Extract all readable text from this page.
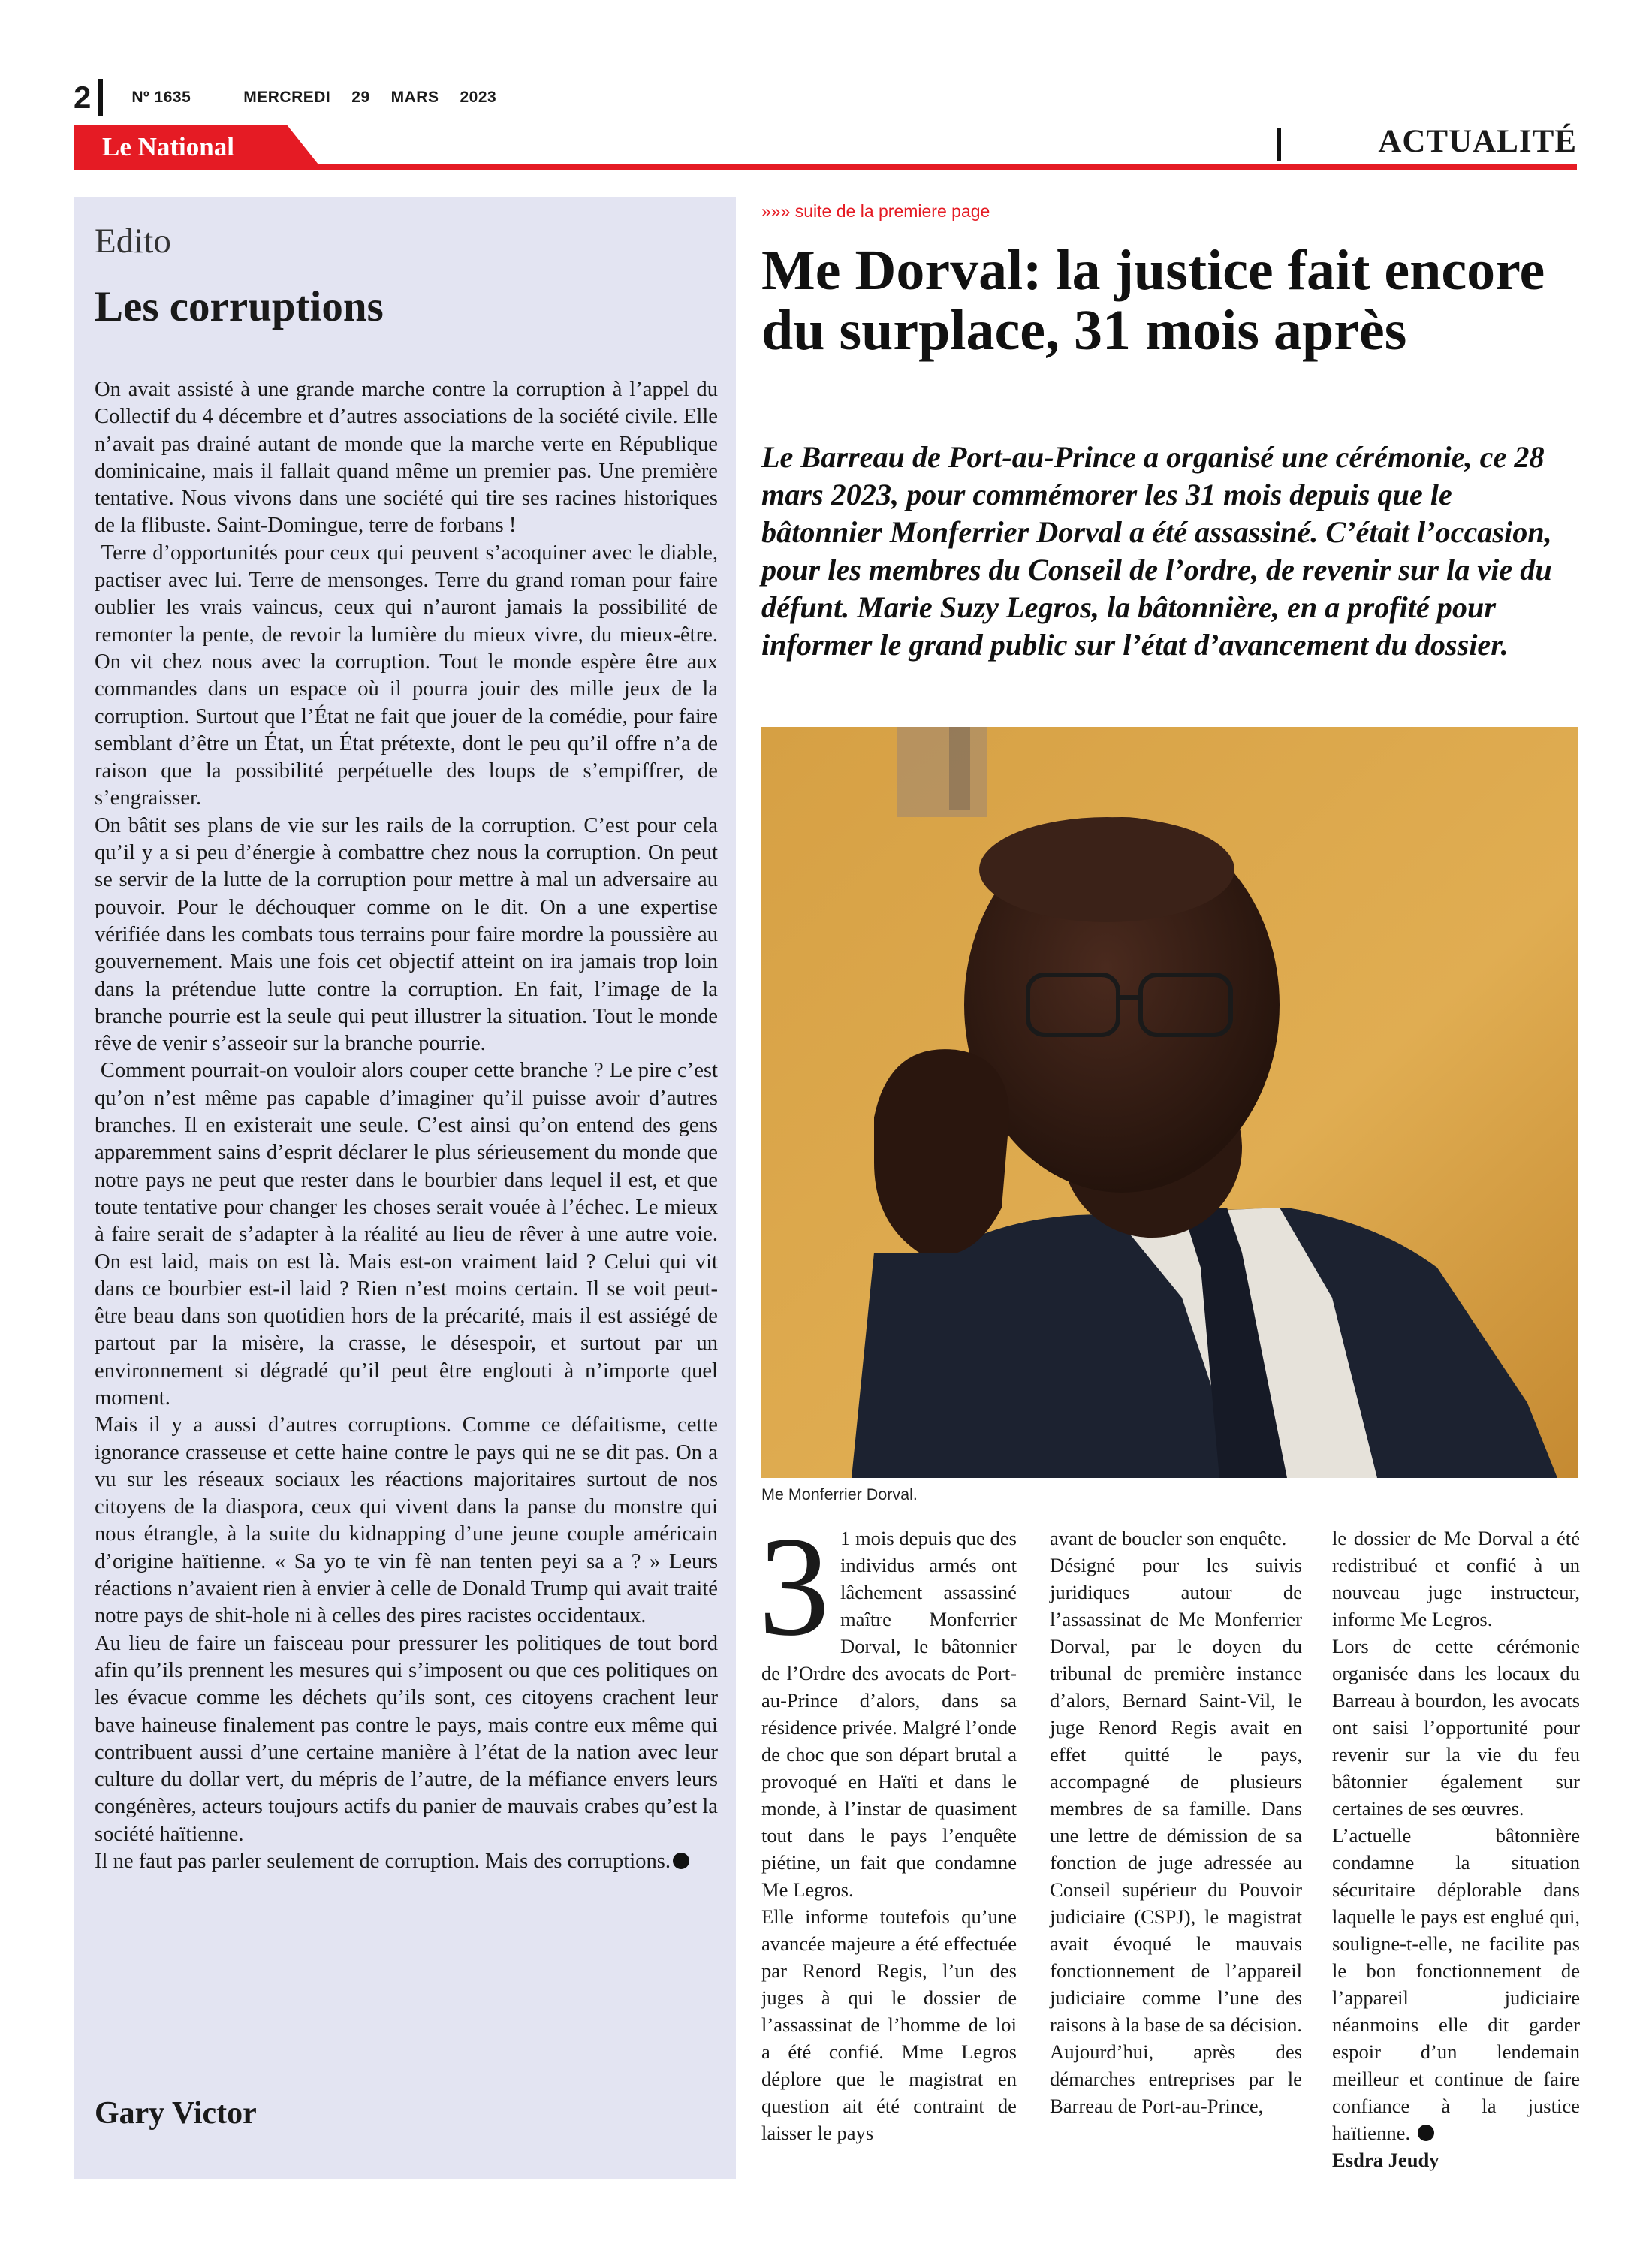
2	Nº 1635	MERCREDI 29 MARS 2023
Le National	ACTUALITÉ
Edito
Les corruptions

On avait assisté à une grande marche contre la corruption à l’appel du Collectif du 4 décembre et d’autres associations de la société civile. Elle n’avait pas drainé autant de monde que la marche verte en République dominicaine, mais il fallait quand même un premier pas. Une première tentative. Nous vivons dans une société qui tire ses racines historiques de la flibuste. Saint-Domingue, terre de forbans !

Terre d’opportunités pour ceux qui peuvent s’acoquiner avec le diable, pactiser avec lui. Terre de mensonges. Terre du grand roman pour faire oublier les vrais vaincus, ceux qui n’auront jamais la possibilité de remonter la pente, de revoir la lumière du mieux vivre, du mieux-être. On vit chez nous avec la corruption. Tout le monde espère être aux commandes dans un espace où il pourra jouir des mille jeux de la corruption. Surtout que l’État ne fait que jouer de la comédie, pour faire semblant d’être un État, un État prétexte, dont le peu qu’il offre n’a de raison que la possibilité perpétuelle des loups de s’empiffrer, de s’engraisser.

On bâtit ses plans de vie sur les rails de la corruption. C’est pour cela qu’il y a si peu d’énergie à combattre chez nous la corruption. On peut se servir de la lutte de la corruption pour mettre à mal un adversaire au pouvoir. Pour le déchouquer comme on le dit. On a une expertise vérifiée dans les combats tous terrains pour faire mordre la poussière au gouvernement. Mais une fois cet objectif atteint on ira jamais trop loin dans la prétendue lutte contre la corruption. En fait, l’image de la branche pourrie est la seule qui peut illustrer la situation. Tout le monde rêve de venir s’asseoir sur la branche pourrie.

Comment pourrait-on vouloir alors couper cette branche ? Le pire c’est qu’on n’est même pas capable d’imaginer qu’il puisse avoir d’autres branches. Il en existerait une seule. C’est ainsi qu’on entend des gens apparemment sains d’esprit déclarer le plus sérieusement du monde que notre pays ne peut que rester dans le bourbier dans lequel il est, et que toute tentative pour changer les choses serait vouée à l’échec. Le mieux à faire serait de s’adapter à la réalité au lieu de rêver à une autre voie. On est laid, mais on est là. Mais est-on vraiment laid ? Celui qui vit dans ce bourbier est-il laid ? Rien n’est moins certain. Il se voit peut-être beau dans son quotidien hors de la précarité, mais il est assiégé de partout par la misère, la crasse, le désespoir, et surtout par un environnement si dégradé qu’il peut être englouti à n’importe quel moment.

Mais il y a aussi d’autres corruptions. Comme ce défaitisme, cette ignorance crasseuse et cette haine contre le pays qui ne se dit pas. On a vu sur les réseaux sociaux les réactions majoritaires surtout de nos citoyens de la diaspora, ceux qui vivent dans la panse du monstre qui nous étrangle, à la suite du kidnapping d’une jeune couple américain d’origine haïtienne. « Sa yo te vin fè nan tenten peyi sa a ? » Leurs réactions n’avaient rien à envier à celle de Donald Trump qui avait traité notre pays de shit-hole ni à celles des pires racistes occidentaux.

Au lieu de faire un faisceau pour pressurer les politiques de tout bord afin qu’ils prennent les mesures qui s’imposent ou que ces politiques on les évacue comme les déchets qu’ils sont, ces citoyens crachent leur bave haineuse finalement pas contre le pays, mais contre eux même qui contribuent aussi d’une certaine manière à l’état de la nation avec leur culture du dollar vert, du mépris de l’autre, de la méfiance envers leurs congénères, acteurs toujours actifs du panier de mauvais crabes qu’est la société haïtienne.

Il ne faut pas parler seulement de corruption. Mais des corruptions.

Gary Victor
»»» suite de la premiere page
Me Dorval: la justice fait encore du surplace, 31 mois après
Le Barreau de Port-au-Prince a organisé une cérémonie, ce 28 mars 2023, pour commémorer les 31 mois depuis que le bâtonnier Monferrier Dorval a été assassiné. C’était l’occasion, pour les membres du Conseil de l’ordre, de revenir sur la vie du défunt. Marie Suzy Legros, la bâtonnière, en a profité pour informer le grand public sur l’état d’avancement du dossier.
Me Monferrier Dorval.

3 1 mois depuis que des individus armés ont lâchement assassiné maître Monferrier Dorval, le bâtonnier de l’Ordre des avocats de Port-au-Prince d’alors, dans sa résidence privée. Malgré l’onde de choc que son départ brutal a provoqué en Haïti et dans le monde, à l’instar de quasiment tout dans le pays l’enquête piétine, un fait que condamne Me Legros.

Elle informe toutefois qu’une avancée majeure a été effectuée par Renord Regis, l’un des juges à qui le dossier de l’assassinat de l’homme de loi a été confié. Mme Legros déplore que le magistrat en question ait été contraint de laisser le pays

avant de boucler son enquête.

Désigné pour les suivis juridiques autour de l’assassinat de Me Monferrier Dorval, par le doyen du tribunal de première instance d’alors, Bernard Saint-Vil, le juge Renord Regis avait en effet quitté le pays, accompagné de plusieurs membres de sa famille. Dans une lettre de démission de sa fonction de juge adressée au Conseil supérieur du Pouvoir judiciaire (CSPJ), le magistrat avait évoqué le mauvais fonctionnement de l’appareil judiciaire comme l’une des raisons à la base de sa décision. Aujourd’hui, après des démarches entreprises par le Barreau de Port-au-Prince,

le dossier de Me Dorval a été redistribué et confié à un nouveau juge instructeur, informe Me Legros.

Lors de cette cérémonie organisée dans les locaux du Barreau à bourdon, les avocats ont saisi l’opportunité pour revenir sur la vie du feu bâtonnier également sur certaines de ses œuvres.

L’actuelle bâtonnière condamne la situation sécuritaire déplorable dans laquelle le pays est englué qui, souligne-t-elle, ne facilite pas le bon fonctionnement de l’appareil judiciaire néanmoins elle dit garder espoir d’un lendemain meilleur et continue de faire confiance à la justice haïtienne.

Esdra Jeudy
